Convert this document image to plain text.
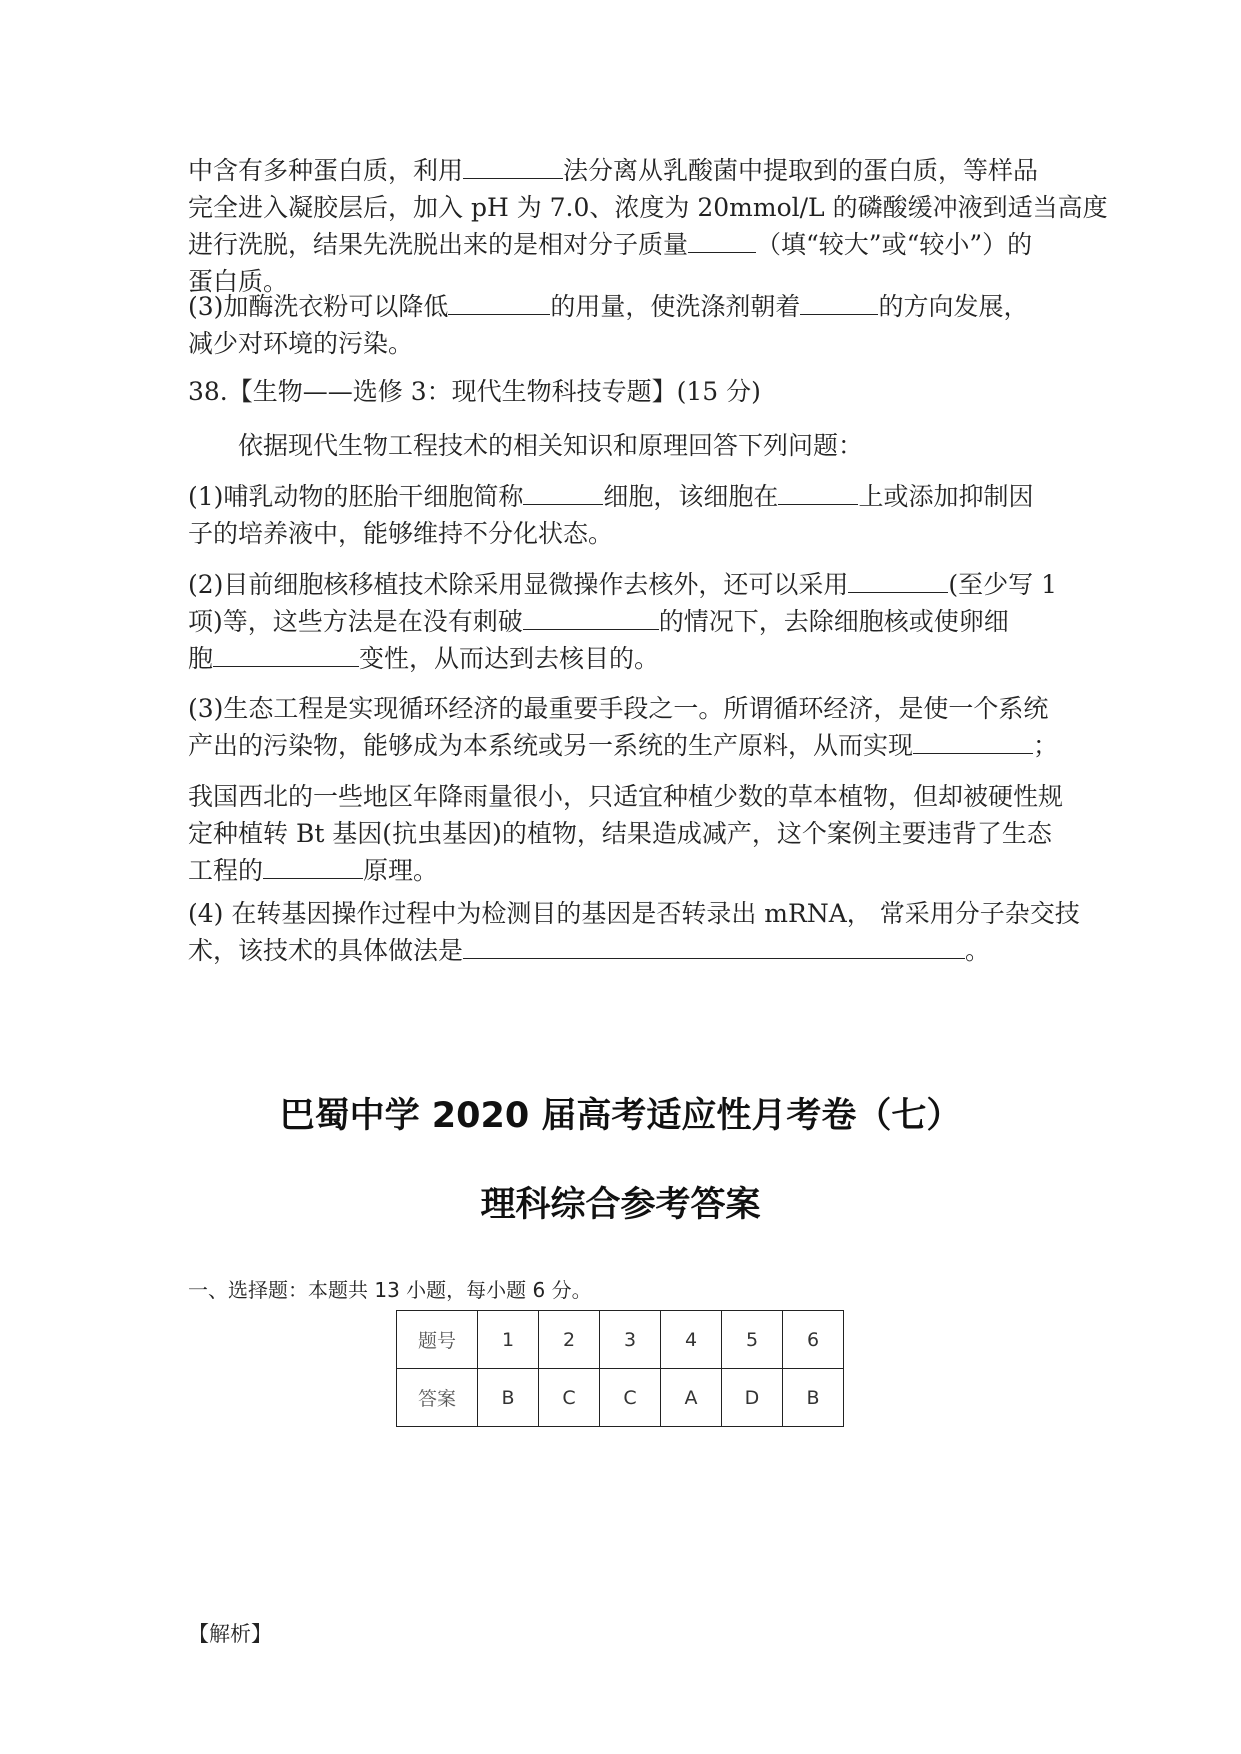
中含有多种蛋白质，利用	法分离从乳酸菌中提取到的蛋白质，等样品
完全进入凝胶层后，加入 pH 为 7.0、浓度为 20mmol/L 的磷酸缓冲液到适当高度
进行洗脱，结果先洗脱出来的是相对分子质量	（填“较大”或“较小”）的
蛋白质。
(3)加酶洗衣粉可以降低	的用量，使洗涤剂朝着	的方向发展，
减少对环境的污染。
38.【生物——选修 3：现代生物科技专题】(15 分)
依据现代生物工程技术的相关知识和原理回答下列问题：
(1)哺乳动物的胚胎干细胞简称	细胞，该细胞在	上或添加抑制因
子的培养液中，能够维持不分化状态。
(2)目前细胞核移植技术除采用显微操作去核外，还可以采用	(至少写 1
项)等，这些方法是在没有刺破	的情况下，去除细胞核或使卵细
胞	变性，从而达到去核目的。
(3)生态工程是实现循环经济的最重要手段之一。所谓循环经济，是使一个系统
产出的污染物，能够成为本系统或另一系统的生产原料，从而实现	；
我国西北的一些地区年降雨量很小，只适宜种植少数的草本植物，但却被硬性规
定种植转 Bt 基因(抗虫基因)的植物，结果造成减产，这个案例主要违背了生态
工程的	原理。
(4) 在转基因操作过程中为检测目的基因是否转录出 mRNA， 常采用分子杂交技
术，该技术的具体做法是	。
巴蜀中学 2020 届高考适应性月考卷（七）
理科综合参考答案

一、选择题：本题共 13 小题，每小题 6 分。

题号	1	2	3	4	5	6
答案	B	C	C	A	D	B

【解析】
